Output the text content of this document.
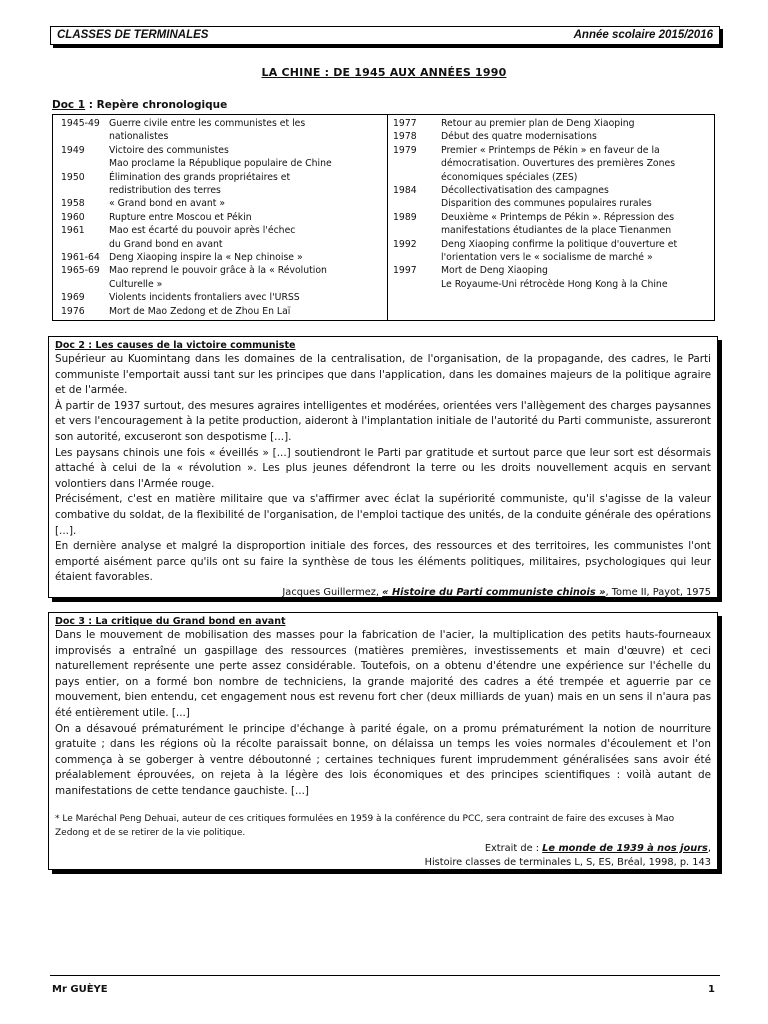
CLASSES DE TERMINALES	Année scolaire 2015/2016
LA CHINE : DE 1945 AUX ANNÉES 1990
Doc 1 : Repère chronologique
1945-49 Guerre civile entre les communistes et les
nationalistes
1949	Victoire des communistes
Mao proclame la République populaire de Chine
1950	Élimination des grands propriétaires et
redistribution des terres
1958	« Grand bond en avant »
1960	Rupture entre Moscou et Pékin
1961	Mao est écarté du pouvoir après l'échec
du Grand bond en avant
1961-64 Deng Xiaoping inspire la « Nep chinoise »
1965-69 Mao reprend le pouvoir grâce à la « Révolution
Culturelle »
1969	Violents incidents frontaliers avec l'URSS
1976	Mort de Mao Zedong et de Zhou En Laï
1977	Retour au premier plan de Deng Xiaoping
1978	Début des quatre modernisations
1979	Premier « Printemps de Pékin » en faveur de la
démocratisation. Ouvertures des premières Zones
économiques spéciales (ZES)
1984	Décollectivatisation des campagnes
Disparition des communes populaires rurales
1989	Deuxième « Printemps de Pékin ». Répression des
manifestations étudiantes de la place Tienanmen
1992	Deng Xiaoping confirme la politique d'ouverture et
l'orientation vers le « socialisme de marché »
1997	Mort de Deng Xiaoping
Le Royaume-Uni rétrocède Hong Kong à la Chine
Doc 2 : Les causes de la victoire communiste

Supérieur au Kuomintang dans les domaines de la centralisation, de l'organisation, de la propagande, des cadres, le Parti communiste l'emportait aussi tant sur les principes que dans l'application, dans les domaines majeurs de la politique agraire et de l'armée.

À partir de 1937 surtout, des mesures agraires intelligentes et modérées, orientées vers l'allègement des charges paysannes et vers l'encouragement à la petite production, aideront à l'implantation initiale de l'autorité du Parti communiste, assureront son autorité, excuseront son despotisme [...].

Les paysans chinois une fois « éveillés » [...] soutiendront le Parti par gratitude et surtout parce que leur sort est désormais attaché à celui de la « révolution ». Les plus jeunes défendront la terre ou les droits nouvellement acquis en servant volontiers dans l'Armée rouge.

Précisément, c'est en matière militaire que va s'affirmer avec éclat la supériorité communiste, qu'il s'agisse de la valeur combative du soldat, de la flexibilité de l'organisation, de l'emploi tactique des unités, de la conduite générale des opérations [...].

En dernière analyse et malgré la disproportion initiale des forces, des ressources et des territoires, les communistes l'ont emporté aisément parce qu'ils ont su faire la synthèse de tous les éléments politiques, militaires, psychologiques qui leur étaient favorables.

Jacques Guillermez, « Histoire du Parti communiste chinois », Tome II, Payot, 1975
Doc 3 : La critique du Grand bond en avant

Dans le mouvement de mobilisation des masses pour la fabrication de l'acier, la multiplication des petits hauts-fourneaux improvisés a entraîné un gaspillage des ressources (matières premières, investissements et main d'œuvre) et ceci naturellement représente une perte assez considérable. Toutefois, on a obtenu d'étendre une expérience sur l'échelle du pays entier, on a formé bon nombre de techniciens, la grande majorité des cadres a été trempée et aguerrie par ce mouvement, bien entendu, cet engagement nous est revenu fort cher (deux milliards de yuan) mais en un sens il n'aura pas été entièrement utile. [...]

On a désavoué prématurément le principe d'échange à parité égale, on a promu prématurément la notion de nourriture gratuite ; dans les régions où la récolte paraissait bonne, on délaissa un temps les voies normales d'écoulement et l'on commença à se goberger à ventre déboutonné ; certaines techniques furent imprudemment généralisées sans avoir été préalablement éprouvées, on rejeta à la légère des lois économiques et des principes scientifiques : voilà autant de manifestations de cette tendance gauchiste. [...]

* Le Maréchal Peng Dehuai, auteur de ces critiques formulées en 1959 à la conférence du PCC, sera contraint de faire des excuses à Mao Zedong et de se retirer de la vie politique.
Extrait de : Le monde de 1939 à nos jours,
Histoire classes de terminales L, S, ES, Bréal, 1998, p. 143
Mr GUÈYE	1
